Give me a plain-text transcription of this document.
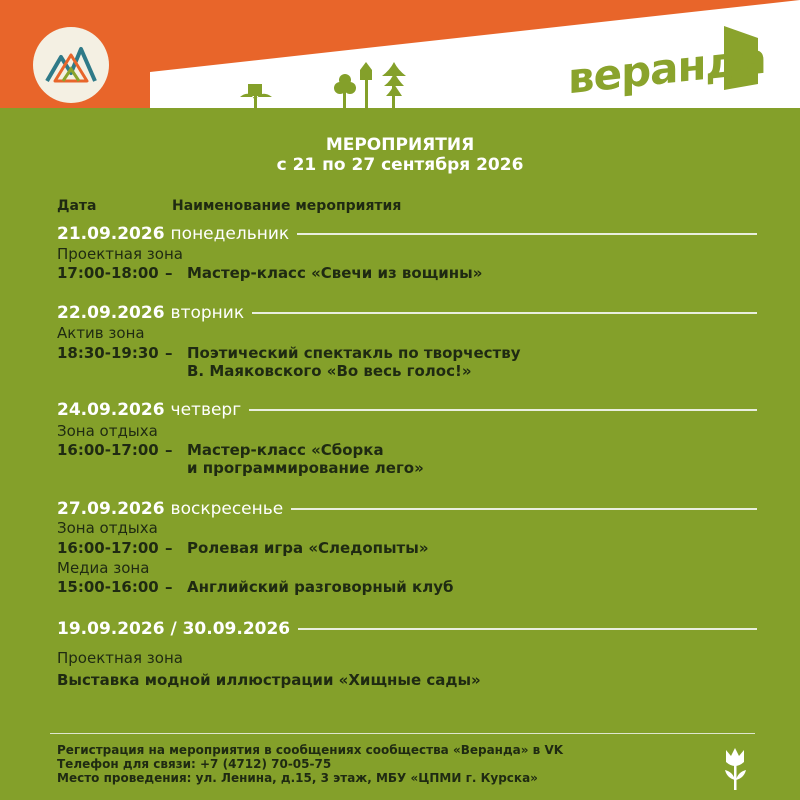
веранда
МЕРОПРИЯТИЯ
с 21 по 27 сентября 2026
Дата	Наименование мероприятия
21.09.2026 понедельник
Проектная зона
17:00-18:00 – Мастер-класс «Свечи из вощины»
22.09.2026 вторник
Актив зона
18:30-19:30 – Поэтический спектакль по творчеству
В. Маяковского «Во весь голос!»
24.09.2026 четверг
Зона отдыха
16:00-17:00 – Мастер-класс «Сборка
и программирование лего»
27.09.2026 воскресенье
Зона отдыха
16:00-17:00 – Ролевая игра «Следопыты»
Медиа зона
15:00-16:00 – Английский разговорный клуб
19.09.2026 / 30.09.2026
Проектная зона
Выставка модной иллюстрации «Хищные сады»
Регистрация на мероприятия в сообщениях сообщества «Веранда» в VK
Телефон для связи: +7 (4712) 70-05-75
Место проведения: ул. Ленина, д.15, 3 этаж, МБУ «ЦПМИ г. Курска»
